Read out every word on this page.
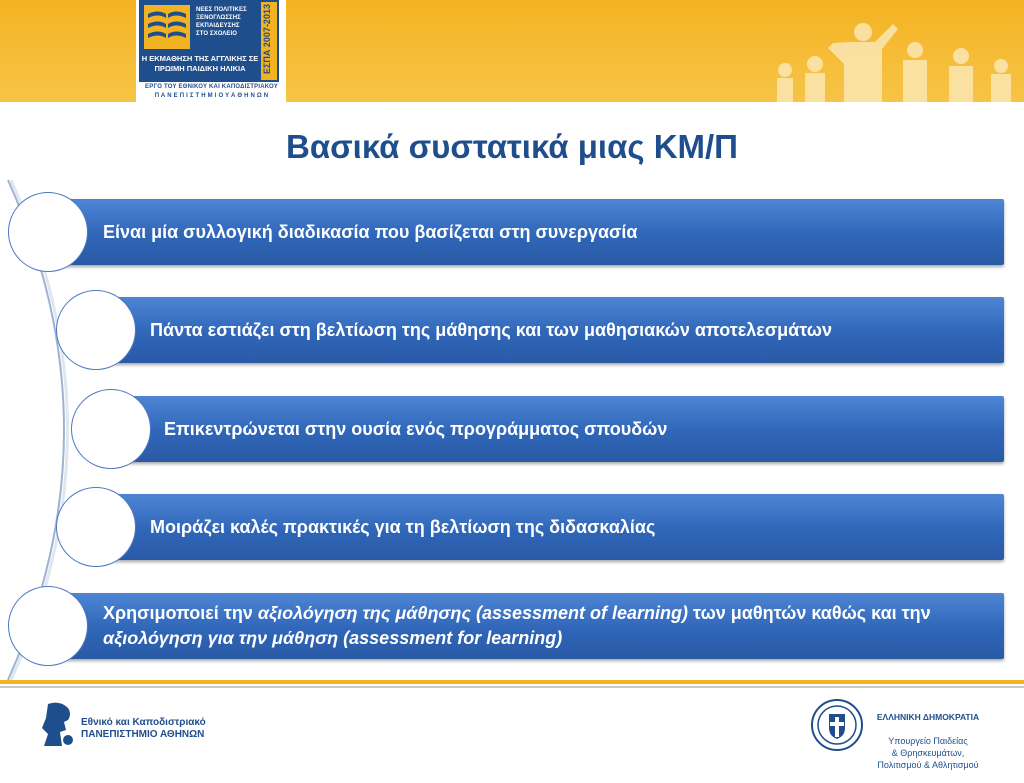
ΝΕΕΣ ΠΟΛΙΤΙΚΕΣ
ΞΕΝΟΓΛΩΣΣΗΣ
ΕΚΠΑΙΔΕΥΣΗΣ
ΣΤΟ ΣΧΟΛΕΙΟ	ΕΣΠΑ 2007-2013
Η ΕΚΜΑΘΗΣΗ ΤΗΣ ΑΓΓΛΙΚΗΣ ΣΕ
ΠΡΩΙΜΗ ΠΑΙΔΙΚΗ ΗΛΙΚΙΑ
ΕΡΓΟ ΤΟΥ ΕΘΝΙΚΟΥ ΚΑΙ ΚΑΠΟΔΙΣΤΡΙΑΚΟΥ
Π Α Ν Ε Π Ι Σ Τ Η Μ Ι Ο Υ Α Θ Η Ν Ω Ν
Βασικά συστατικά μιας ΚΜ/Π
Είναι μία συλλογική διαδικασία που βασίζεται στη συνεργασία
Πάντα εστιάζει στη βελτίωση της μάθησης και των μαθησιακών αποτελεσμάτων
Επικεντρώνεται στην ουσία ενός προγράμματος σπουδών
Μοιράζει καλές πρακτικές για τη βελτίωση της διδασκαλίας
Χρησιμοποιεί την αξιολόγηση της μάθησης (assessment of learning) των μαθητών καθώς και την αξιολόγηση για την μάθηση (assessment for learning)
Εθνικό και Καποδιστριακό
ΠΑΝΕΠΙΣΤΗΜΙΟ ΑΘΗΝΩΝ

ΕΛΛΗΝΙΚΗ ΔΗΜΟΚΡΑΤΙΑ

Υπουργείο Παιδείας
& Θρησκευμάτων,
Πολιτισμού & Αθλητισμού
